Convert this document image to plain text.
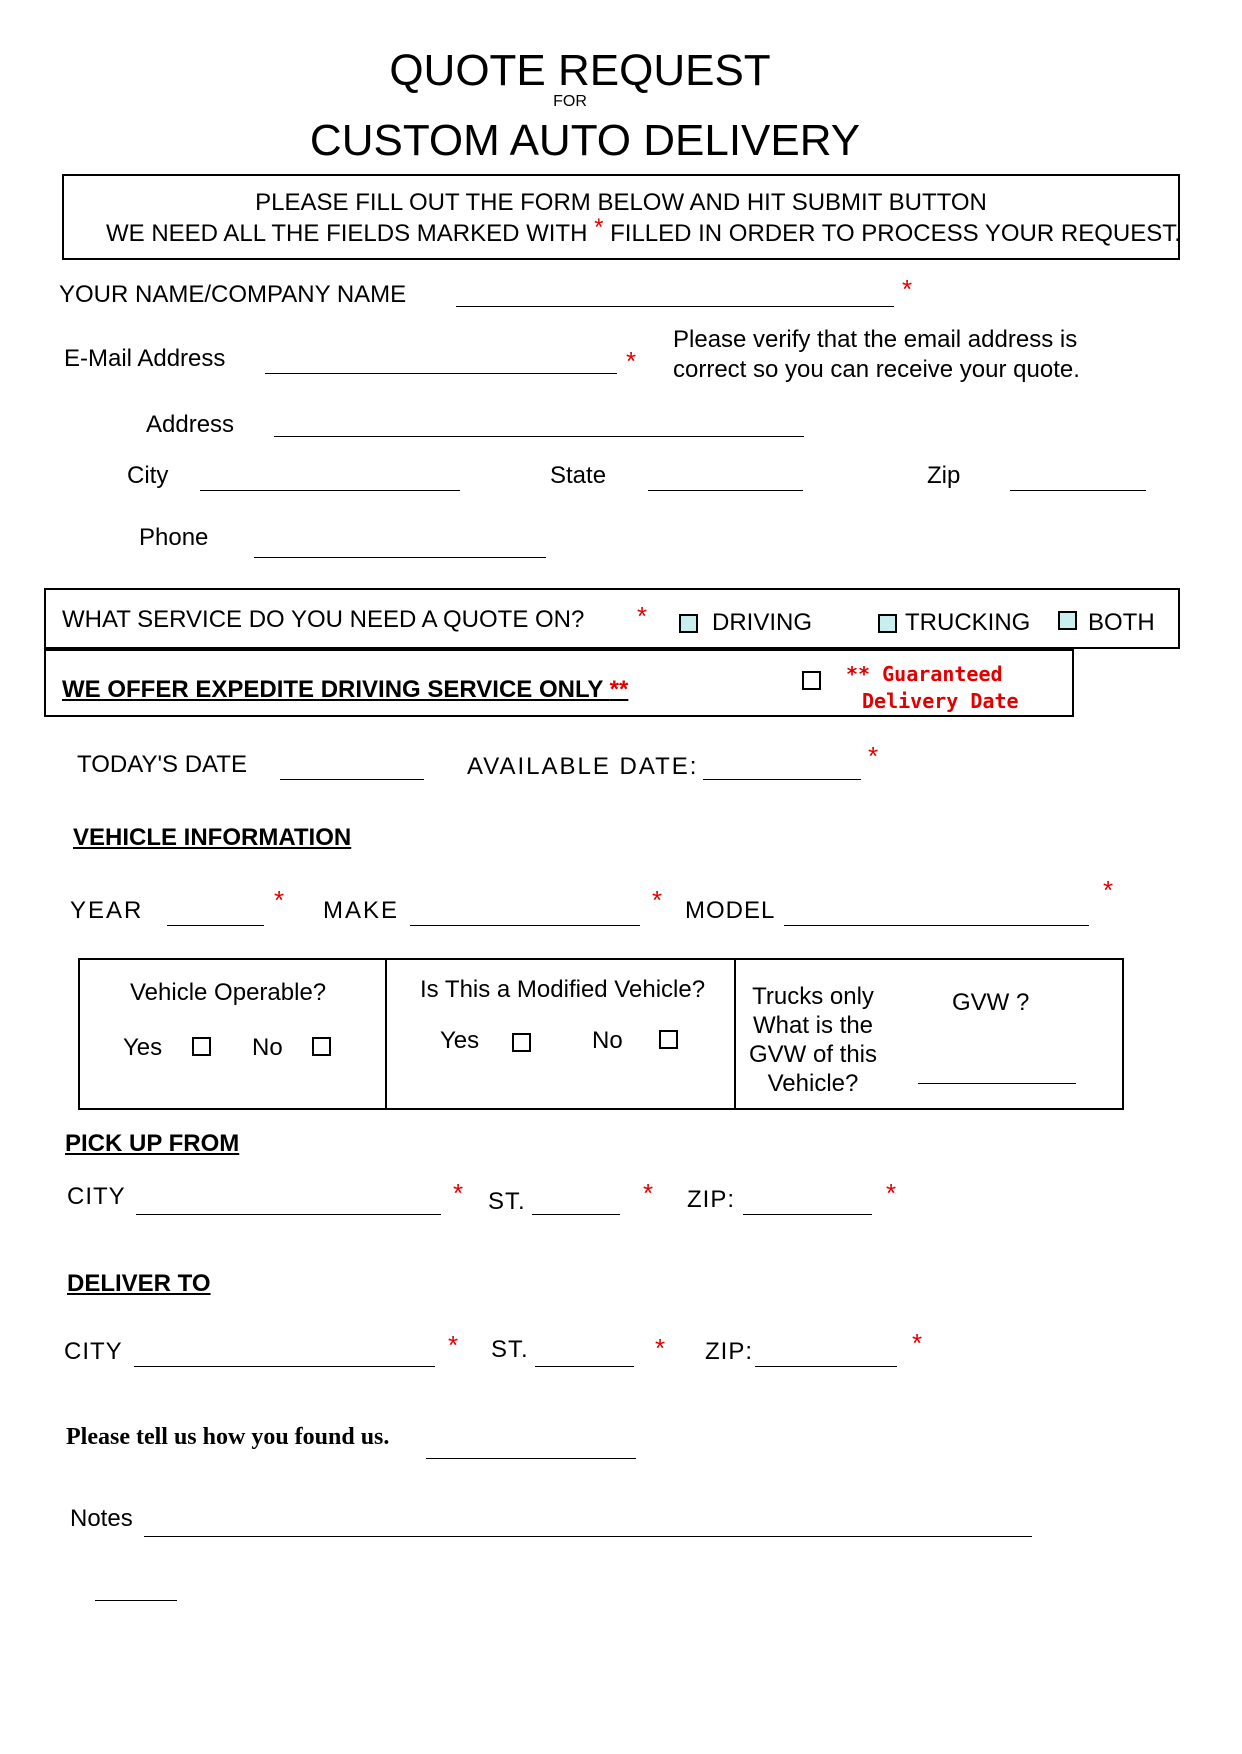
QUOTE REQUEST
FOR
CUSTOM AUTO DELIVERY
PLEASE FILL OUT THE FORM BELOW AND HIT SUBMIT BUTTON
WE NEED ALL THE FIELDS MARKED WITH * FILLED IN ORDER TO PROCESS YOUR REQUEST.
YOUR NAME/COMPANY NAME	*
E-Mail Address	*
Please verify that the email address is
correct so you can receive your quote.
Address
City	State	Zip
Phone
WHAT SERVICE DO YOU NEED A QUOTE ON? *	DRIVING	TRUCKING BOTH
WE OFFER EXPEDITE DRIVING SERVICE ONLY **
** Guaranteed
Delivery Date
TODAY'S DATE	AVAILABLE DATE:	*
VEHICLE INFORMATION
YEAR	* MAKE	* MODEL
*
Vehicle Operable?
Yes	No
Is This a Modified Vehicle?
Yes	No
Trucks only
What is the
GVW of this
Vehicle?
GVW ?
PICK UP FROM
CITY	* ST.	* ZIP:	*
DELIVER TO
CITY	* ST.	* ZIP:	*
Please tell us how you found us.
Notes
